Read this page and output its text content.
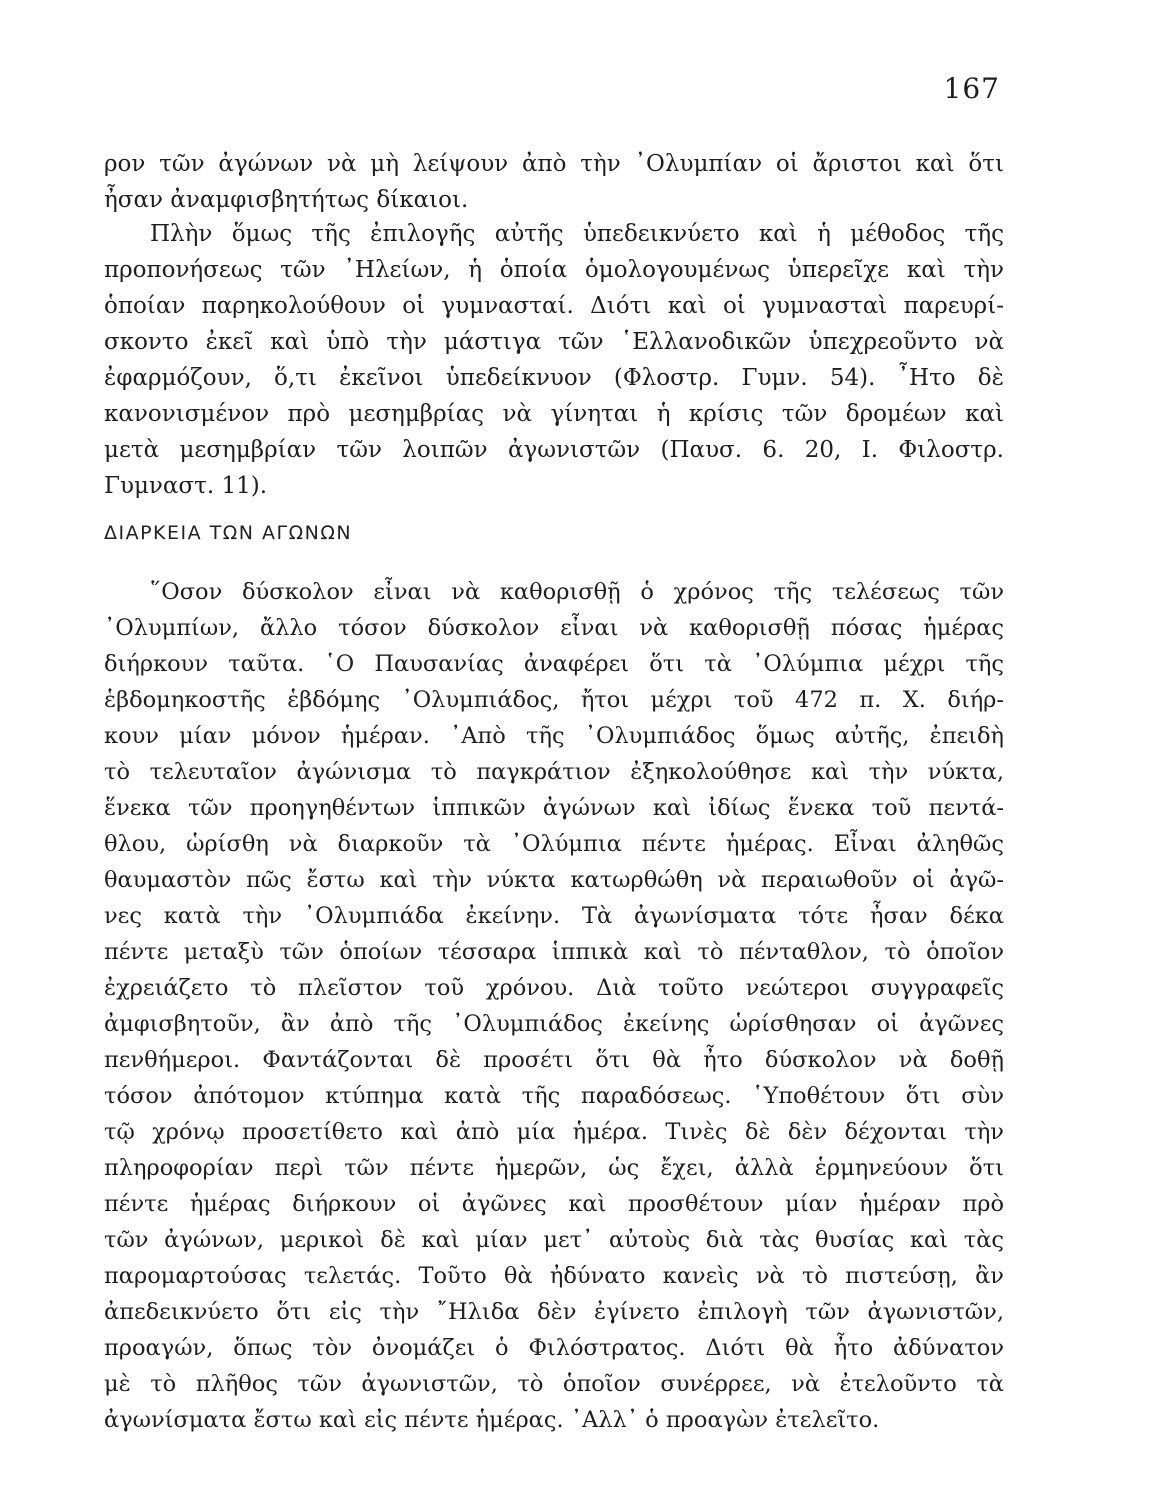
167
ρον τῶν ἀγώνων νὰ μὴ λείψουν ἀπὸ τὴν ᾿Ολυμπίαν οἱ ἄριστοι καὶ ὅτι
ἦσαν ἀναμφισβητήτως δίκαιοι.
Πλὴν ὅμως τῆς ἐπιλογῆς αὐτῆς ὑπεδεικνύετο καὶ ἡ μέθοδος τῆς
προπονήσεως τῶν ᾿Ηλείων, ἡ ὁποία ὁμολογουμένως ὑπερεῖχε καὶ τὴν
ὁποίαν παρηκολούθουν οἱ γυμνασταί. Διότι καὶ οἱ γυμνασταὶ παρευρί-
σκοντο ἐκεῖ καὶ ὑπὸ τὴν μάστιγα τῶν ῾Ελλανοδικῶν ὑπεχρεοῦντο νὰ
ἐφαρμόζουν, ὅ,τι ἐκεῖνοι ὑπεδείκνυον (Φλοστρ. Γυμν. 54). ῏Ητο δὲ
κανονισμένον πρὸ μεσημβρίας νὰ γίνηται ἡ κρίσις τῶν δρομέων καὶ
μετὰ μεσημβρίαν τῶν λοιπῶν ἀγωνιστῶν (Παυσ. 6. 20, Ι. Φιλοστρ.
Γυμναστ. 11).
ΔΙΑΡΚΕΙΑ ΤΩΝ ΑΓΩΝΩΝ
῞Οσον δύσκολον εἶναι νὰ καθορισθῇ ὁ χρόνος τῆς τελέσεως τῶν
᾿Ολυμπίων, ἄλλο τόσον δύσκολον εἶναι νὰ καθορισθῇ πόσας ἡμέρας
διήρκουν ταῦτα. ῾Ο Παυσανίας ἀναφέρει ὅτι τὰ ᾿Ολύμπια μέχρι τῆς
ἑβδομηκοστῆς ἑβδόμης ᾿Ολυμπιάδος, ἤτοι μέχρι τοῦ 472 π. Χ. διήρ-
κουν μίαν μόνον ἡμέραν. ᾿Απὸ τῆς ᾿Ολυμπιάδος ὅμως αὐτῆς, ἐπειδὴ
τὸ τελευταῖον ἀγώνισμα τὸ παγκράτιον ἐξηκολούθησε καὶ τὴν νύκτα,
ἕνεκα τῶν προηγηθέντων ἱππικῶν ἀγώνων καὶ ἰδίως ἕνεκα τοῦ πεντά-
θλου, ὡρίσθη νὰ διαρκοῦν τὰ ᾿Ολύμπια πέντε ἡμέρας. Εἶναι ἀληθῶς
θαυμαστὸν πῶς ἔστω καὶ τὴν νύκτα κατωρθώθη νὰ περαιωθοῦν οἱ ἀγῶ-
νες κατὰ τὴν ᾿Ολυμπιάδα ἐκείνην. Τὰ ἀγωνίσματα τότε ἦσαν δέκα
πέντε μεταξὺ τῶν ὁποίων τέσσαρα ἱππικὰ καὶ τὸ πένταθλον, τὸ ὁποῖον
ἐχρειάζετο τὸ πλεῖστον τοῦ χρόνου. Διὰ τοῦτο νεώτεροι συγγραφεῖς
ἀμφισβητοῦν, ἂν ἀπὸ τῆς ᾿Ολυμπιάδος ἐκείνης ὡρίσθησαν οἱ ἀγῶνες
πενθήμεροι. Φαντάζονται δὲ προσέτι ὅτι θὰ ἦτο δύσκολον νὰ δοθῇ
τόσον ἀπότομον κτύπημα κατὰ τῆς παραδόσεως. ῾Υποθέτουν ὅτι σὺν
τῷ χρόνῳ προσετίθετο καὶ ἀπὸ μία ἡμέρα. Τινὲς δὲ δὲν δέχονται τὴν
πληροφορίαν περὶ τῶν πέντε ἡμερῶν, ὡς ἔχει, ἀλλὰ ἑρμηνεύουν ὅτι
πέντε ἡμέρας διήρκουν οἱ ἀγῶνες καὶ προσθέτουν μίαν ἡμέραν πρὸ
τῶν ἀγώνων, μερικοὶ δὲ καὶ μίαν μετ᾿ αὐτοὺς διὰ τὰς θυσίας καὶ τὰς
παρομαρτούσας τελετάς. Τοῦτο θὰ ἠδύνατο κανεὶς νὰ τὸ πιστεύσῃ, ἂν
ἀπεδεικνύετο ὅτι εἰς τὴν ῎Ηλιδα δὲν ἐγίνετο ἐπιλογὴ τῶν ἀγωνιστῶν,
προαγών, ὅπως τὸν ὀνομάζει ὁ Φιλόστρατος. Διότι θὰ ἦτο ἀδύνατον
μὲ τὸ πλῆθος τῶν ἀγωνιστῶν, τὸ ὁποῖον συνέρρεε, νὰ ἐτελοῦντο τὰ
ἀγωνίσματα ἔστω καὶ εἰς πέντε ἡμέρας. ᾿Αλλ᾿ ὁ προαγὼν ἐτελεῖτο.
